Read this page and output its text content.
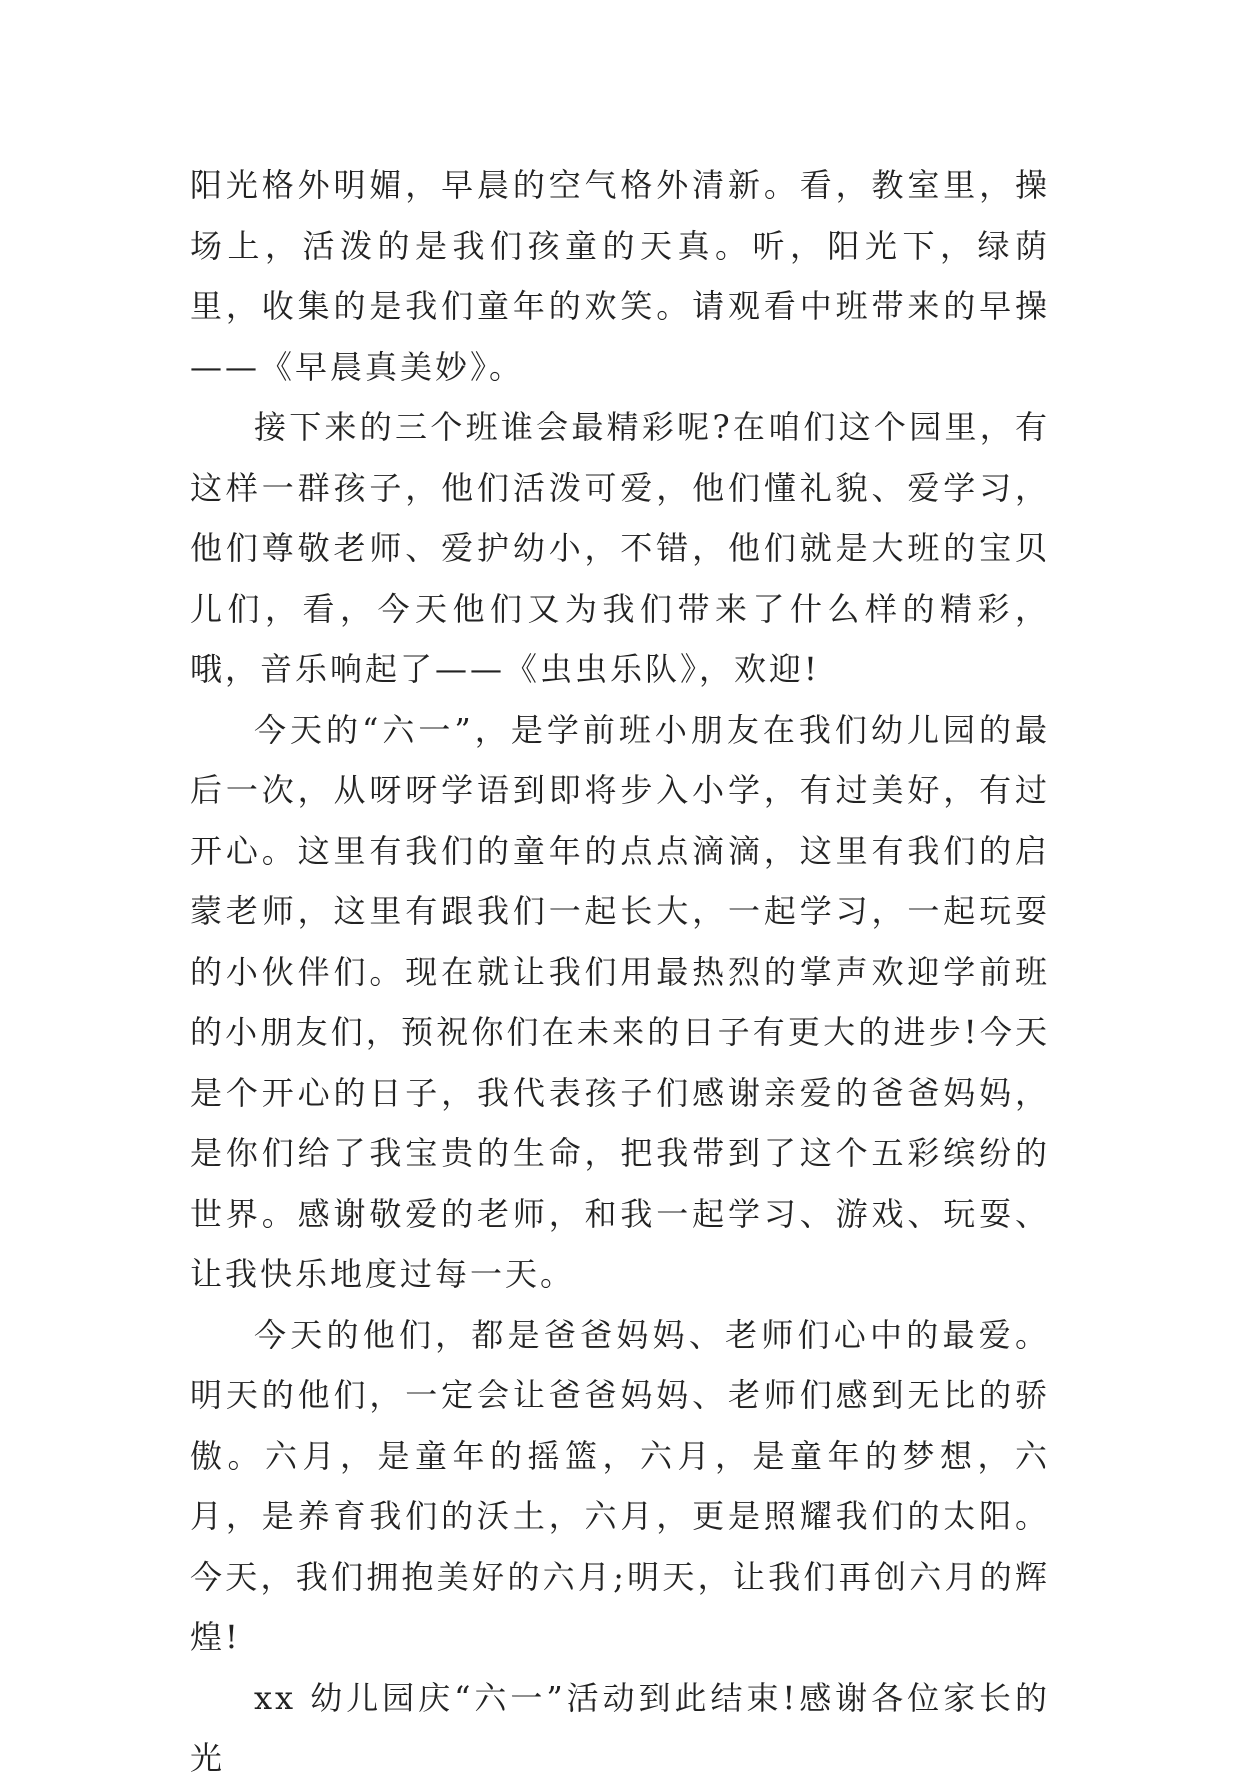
阳光格外明媚，早晨的空气格外清新。看，教室里，操场上，活泼的是我们孩童的天真。听，阳光下，绿荫里，收集的是我们童年的欢笑。请观看中班带来的早操——《早晨真美妙》。

接下来的三个班谁会最精彩呢?在咱们这个园里，有这样一群孩子，他们活泼可爱，他们懂礼貌、爱学习，他们尊敬老师、爱护幼小，不错，他们就是大班的宝贝儿们，看，今天他们又为我们带来了什么样的精彩，哦，音乐响起了——《虫虫乐队》，欢迎!

今天的“六一”，是学前班小朋友在我们幼儿园的最后一次，从呀呀学语到即将步入小学，有过美好，有过开心。这里有我们的童年的点点滴滴，这里有我们的启蒙老师，这里有跟我们一起长大，一起学习，一起玩耍的小伙伴们。现在就让我们用最热烈的掌声欢迎学前班的小朋友们，预祝你们在未来的日子有更大的进步!今天是个开心的日子，我代表孩子们感谢亲爱的爸爸妈妈，是你们给了我宝贵的生命，把我带到了这个五彩缤纷的世界。感谢敬爱的老师，和我一起学习、游戏、玩耍、让我快乐地度过每一天。

今天的他们，都是爸爸妈妈、老师们心中的最爱。明天的他们，一定会让爸爸妈妈、老师们感到无比的骄傲。六月，是童年的摇篮，六月，是童年的梦想，六月，是养育我们的沃土，六月，更是照耀我们的太阳。今天，我们拥抱美好的六月;明天，让我们再创六月的辉煌!

xx 幼儿园庆“六一”活动到此结束!感谢各位家长的光
